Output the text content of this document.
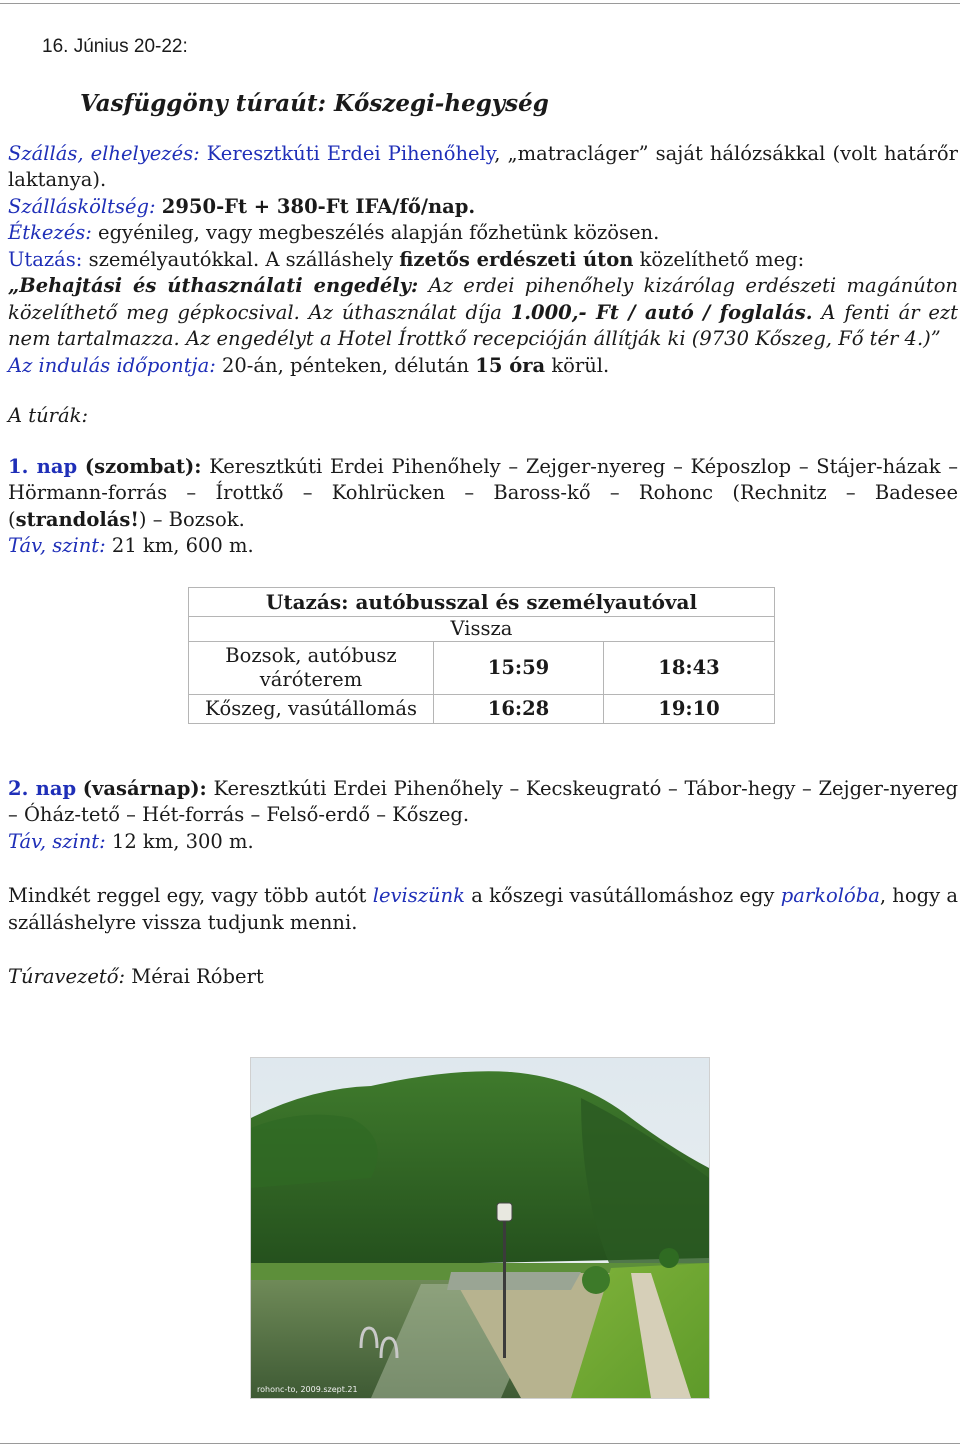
16. Június 20-22:

Vasfüggöny túraút: Kőszegi-hegység

Szállás, elhelyezés: Keresztkúti Erdei Pihenőhely, „matracláger” saját hálózsákkal (volt határőr laktanya).

Szállásköltség: 2950-Ft + 380-Ft IFA/fő/nap.

Étkezés: egyénileg, vagy megbeszélés alapján főzhetünk közösen.

Utazás: személyautókkal. A szálláshely fizetős erdészeti úton közelíthető meg:

„Behajtási és úthasználati engedély: Az erdei pihenőhely kizárólag erdészeti magánúton közelíthető meg gépkocsival. Az úthasználat díja 1.000,- Ft / autó / foglalás. A fenti ár ezt nem tartalmazza. Az engedélyt a Hotel Írottkő recepcióján állítják ki (9730 Kőszeg, Fő tér 4.)”

Az indulás időpontja: 20-án, pénteken, délután 15 óra körül.

A túrák:

1. nap (szombat): Keresztkúti Erdei Pihenőhely – Zejger-nyereg – Képoszlop – Stájer-házak – Hörmann-forrás – Írottkő – Kohlrücken – Baross-kő – Rohonc (Rechnitz – Badesee (strandolás!) – Bozsok.

Táv, szint: 21 km, 600 m.

Utazás: autóbusszal és személyautóval		
Vissza		
Bozsok, autóbusz váróterem	15:59	18:43
Kőszeg, vasútállomás	16:28	19:10

2. nap (vasárnap): Keresztkúti Erdei Pihenőhely – Kecskeugrató – Tábor-hegy – Zejger-nyereg – Óház-tető – Hét-forrás – Felső-erdő – Kőszeg.

Táv, szint: 12 km, 300 m.

Mindkét reggel egy, vagy több autót leviszünk a kőszegi vasútállomáshoz egy parkolóba, hogy a szálláshelyre vissza tudjunk menni.

Túravezető: Mérai Róbert

rohonc-to, 2009.szept.21
